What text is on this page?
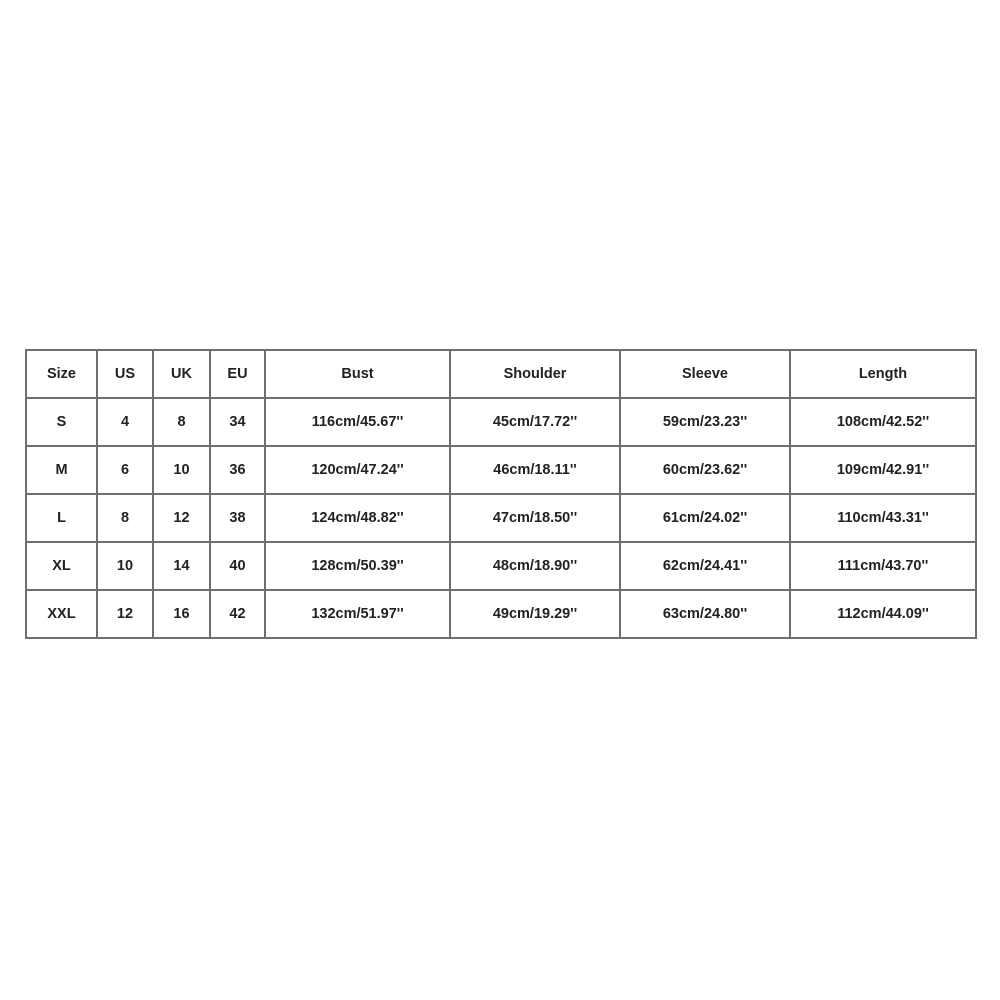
Size	US	UK	EU	Bust	Shoulder	Sleeve	Length
S	4	8	34	116cm/45.67''	45cm/17.72''	59cm/23.23''	108cm/42.52''
M	6	10	36	120cm/47.24''	46cm/18.11''	60cm/23.62''	109cm/42.91''
L	8	12	38	124cm/48.82''	47cm/18.50''	61cm/24.02''	110cm/43.31''
XL	10	14	40	128cm/50.39''	48cm/18.90''	62cm/24.41''	111cm/43.70''
XXL	12	16	42	132cm/51.97''	49cm/19.29''	63cm/24.80''	112cm/44.09''
